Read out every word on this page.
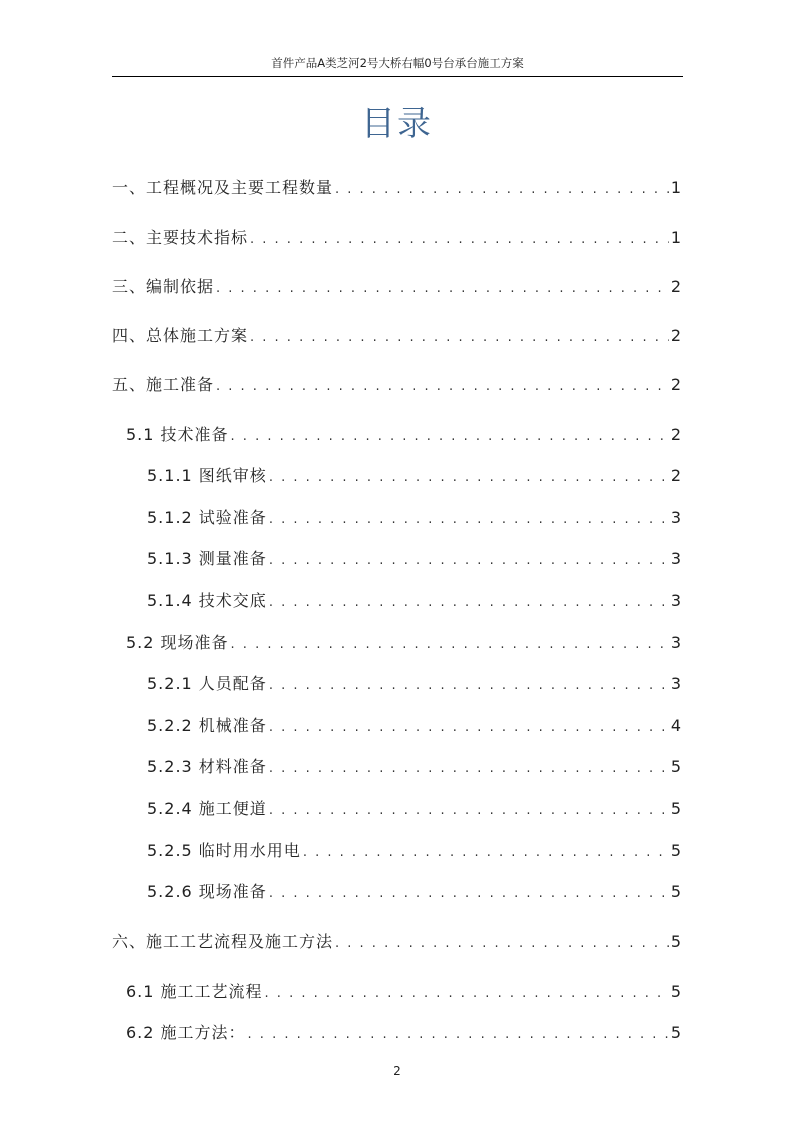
首件产品A类芝河2号大桥右幅0号台承台施工方案
目录
一、工程概况及主要工程数量 . . .	1
二、主要技术指标 . . .	1
三、编制依据 . . .	2
四、总体施工方案 . . .	2
五、施工准备 . . .	2
5.1 技术准备 . . .	2
5.1.1 图纸审核 . . .	2
5.1.2 试验准备 . . .	3
5.1.3 测量准备 . . .	3
5.1.4 技术交底 . . .	3
5.2 现场准备 . . .	3
5.2.1 人员配备 . . .	3
5.2.2 机械准备 . . .	4
5.2.3 材料准备 . . .	5
5.2.4 施工便道 . . .	5
5.2.5 临时用水用电 . . .	5
5.2.6 现场准备 . . .	5
六、施工工艺流程及施工方法 . . .	5
6.1 施工工艺流程 . . .	5
6.2 施工方法： . . .	5
2
